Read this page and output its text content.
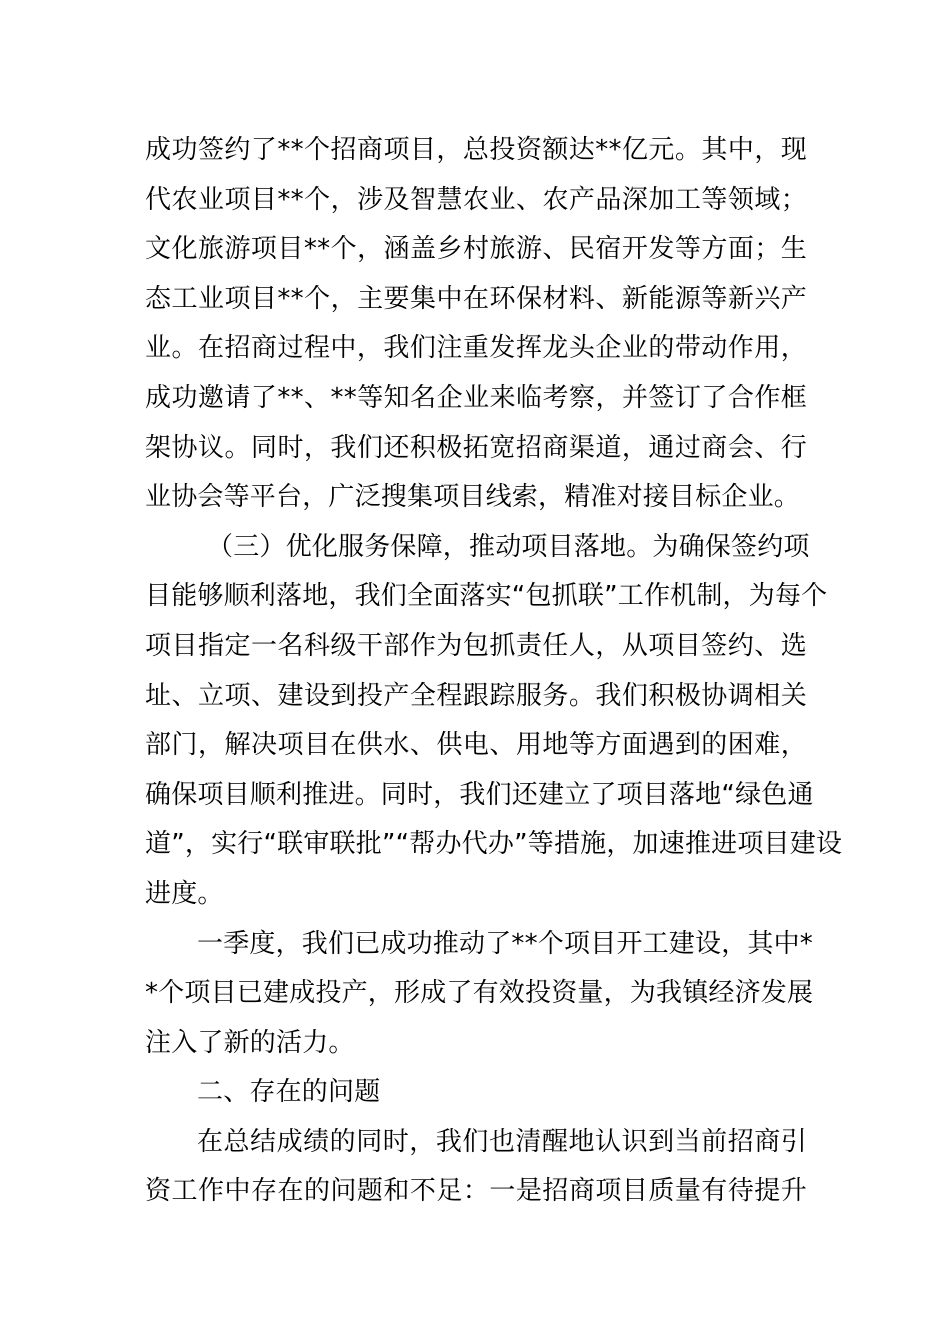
成功签约了**个招商项目，总投资额达**亿元。其中，现
代农业项目**个，涉及智慧农业、农产品深加工等领域；
文化旅游项目**个，涵盖乡村旅游、民宿开发等方面；生
态工业项目**个，主要集中在环保材料、新能源等新兴产
业。在招商过程中，我们注重发挥龙头企业的带动作用，
成功邀请了**、**等知名企业来临考察，并签订了合作框
架协议。同时，我们还积极拓宽招商渠道，通过商会、行
业协会等平台，广泛搜集项目线索，精准对接目标企业。
（三）优化服务保障，推动项目落地。为确保签约项
目能够顺利落地，我们全面落实“包抓联”工作机制，为每个
项目指定一名科级干部作为包抓责任人，从项目签约、选
址、立项、建设到投产全程跟踪服务。我们积极协调相关
部门，解决项目在供水、供电、用地等方面遇到的困难，
确保项目顺利推进。同时，我们还建立了项目落地“绿色通
道”，实行“联审联批”“帮办代办”等措施，加速推进项目建设
进度。
一季度，我们已成功推动了**个项目开工建设，其中*
*个项目已建成投产，形成了有效投资量，为我镇经济发展
注入了新的活力。
二、存在的问题
在总结成绩的同时，我们也清醒地认识到当前招商引
资工作中存在的问题和不足：一是招商项目质量有待提升
